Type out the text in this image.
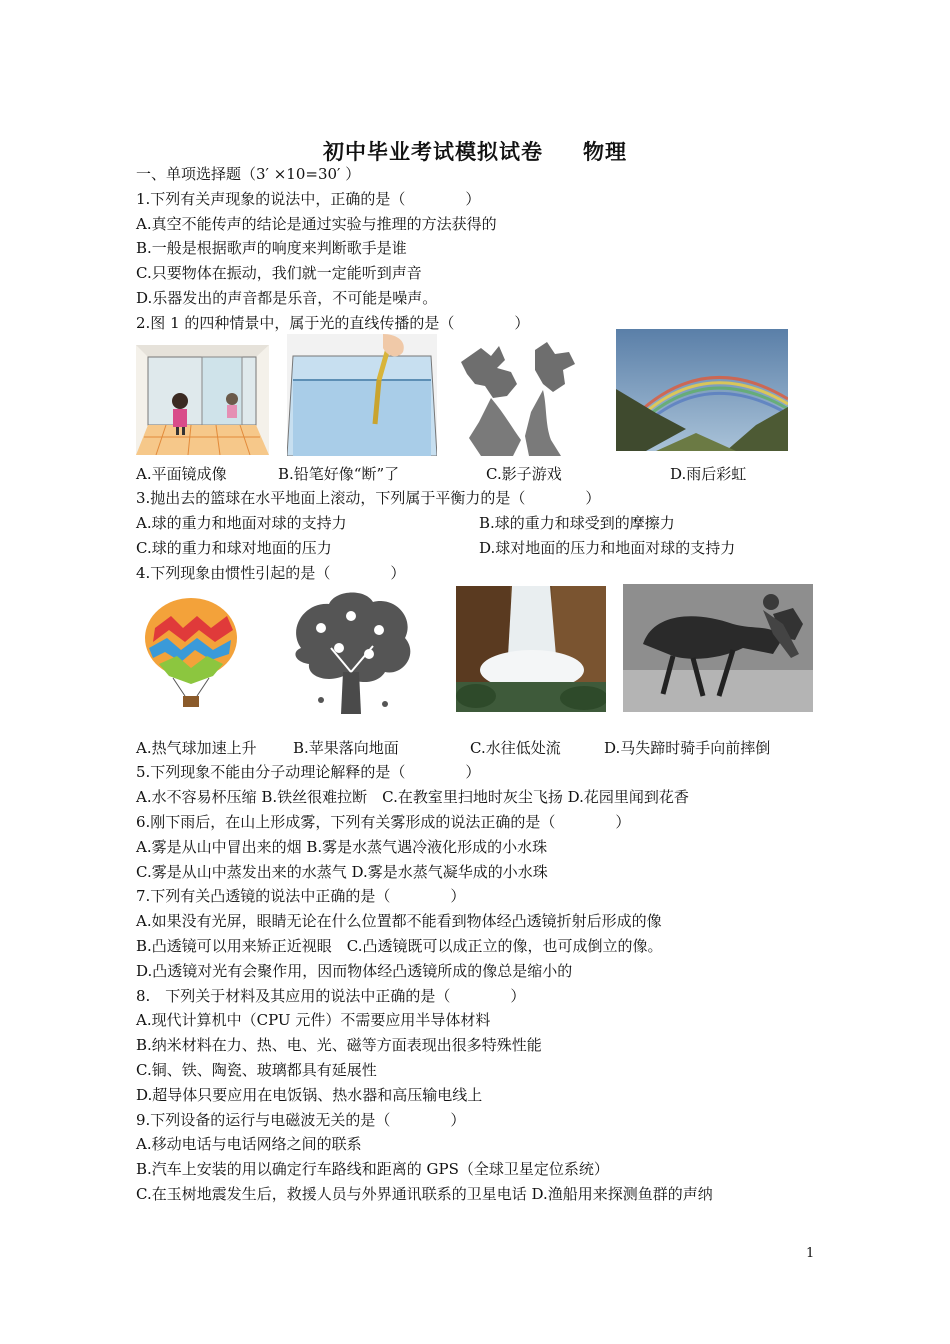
初中毕业考试模拟试卷 物理
一、单项选择题（3′ ×10=30′ ）
1.下列有关声现象的说法中，正确的是（　　　　）
A.真空不能传声的结论是通过实验与推理的方法获得的
B.一般是根据歌声的响度来判断歌手是谁
C.只要物体在振动，我们就一定能听到声音
D.乐器发出的声音都是乐音，不可能是噪声。
2.图 1 的四种情景中，属于光的直线传播的是（　　　　）
A.平面镜成像	B.铅笔好像“断”了	C.影子游戏	D.雨后彩虹
3.抛出去的篮球在水平地面上滚动，下列属于平衡力的是（　　　　）
A.球的重力和地面对球的支持力	B.球的重力和球受到的摩擦力
C.球的重力和球对地面的压力	D.球对地面的压力和地面对球的支持力
4.下列现象由惯性引起的是（　　　　）
A.热气球加速上升 B.苹果落向地面	C.水往低处流	D.马失蹄时骑手向前摔倒
5.下列现象不能由分子动理论解释的是（　　　　）
A.水不容易杯压缩 B.铁丝很难拉断　C.在教室里扫地时灰尘飞扬 D.花园里闻到花香
6.刚下雨后，在山上形成雾，下列有关雾形成的说法正确的是（　　　　）
A.雾是从山中冒出来的烟 B.雾是水蒸气遇冷液化形成的小水珠
C.雾是从山中蒸发出来的水蒸气 D.雾是水蒸气凝华成的小水珠
7.下列有关凸透镜的说法中正确的是（　　　　）
A.如果没有光屏，眼睛无论在什么位置都不能看到物体经凸透镜折射后形成的像
B.凸透镜可以用来矫正近视眼　C.凸透镜既可以成正立的像，也可成倒立的像。
D.凸透镜对光有会聚作用，因而物体经凸透镜所成的像总是缩小的
8.　下列关于材料及其应用的说法中正确的是（　　　　）
A.现代计算机中（CPU 元件）不需要应用半导体材料
B.纳米材料在力、热、电、光、磁等方面表现出很多特殊性能
C.铜、铁、陶瓷、玻璃都具有延展性
D.超导体只要应用在电饭锅、热水器和高压输电线上
9.下列设备的运行与电磁波无关的是（　　　　）
A.移动电话与电话网络之间的联系
B.汽车上安装的用以确定行车路线和距离的 GPS（全球卫星定位系统）
C.在玉树地震发生后，救援人员与外界通讯联系的卫星电话 D.渔船用来探测鱼群的声纳
1
